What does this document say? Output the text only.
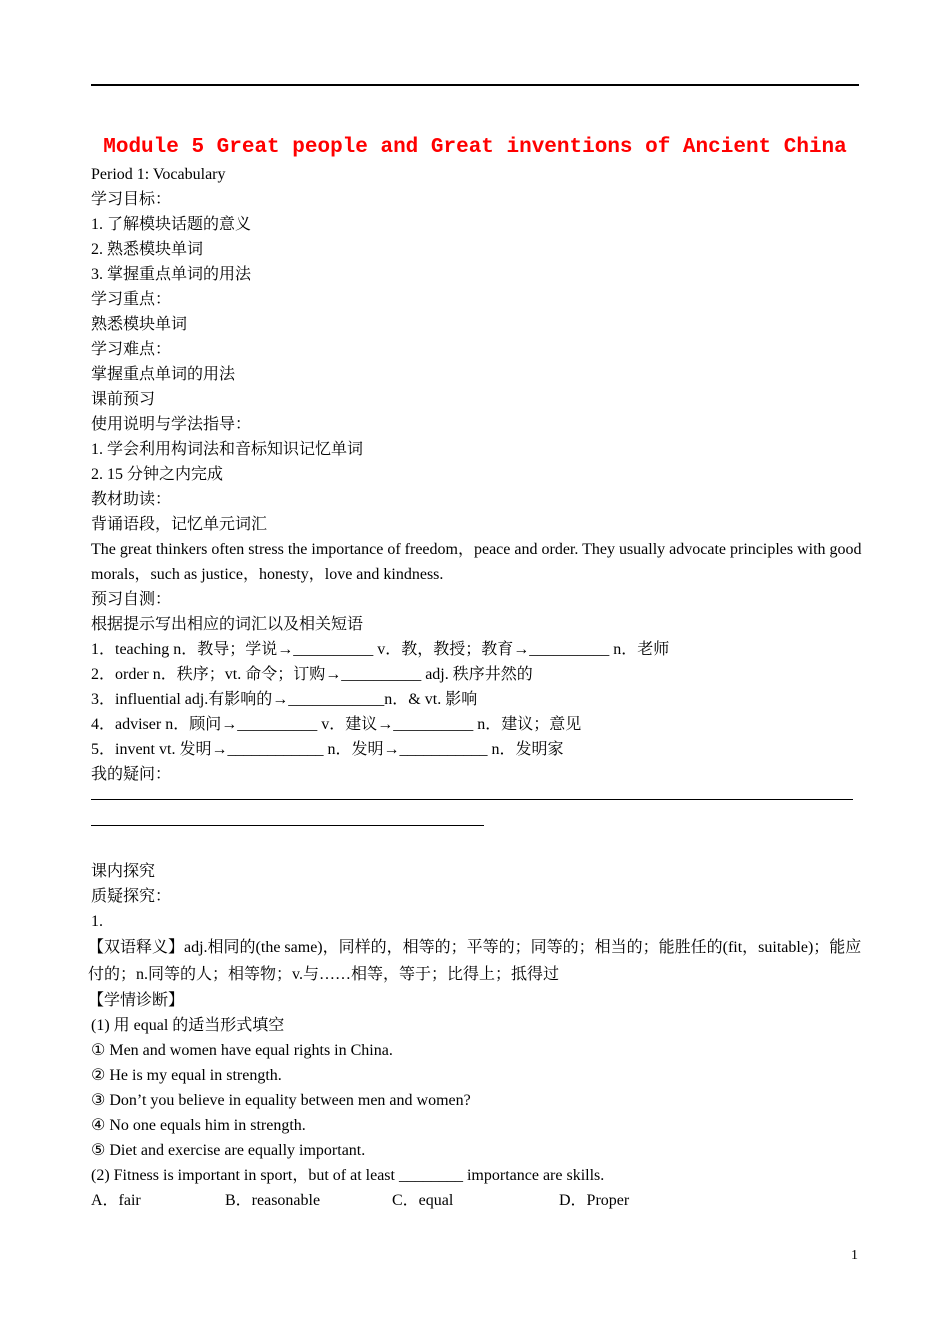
Module 5 Great people and Great inventions of Ancient China
Period 1: Vocabulary
学习目标：
1. 了解模块话题的意义
2. 熟悉模块单词
3. 掌握重点单词的用法
学习重点：
熟悉模块单词
学习难点：
掌握重点单词的用法
课前预习
使用说明与学法指导：
1. 学会利用构词法和音标知识记忆单词
2. 15 分钟之内完成
教材助读：
背诵语段，记忆单元词汇
The great thinkers often stress the importance of freedom，peace and order. They usually advocate principles with good morals，such as justice，honesty，love and kindness.
预习自测：
根据提示写出相应的词汇以及相关短语
1．teaching n．教导；学说→__________ v．教，教授；教育→__________ n．老师
2．order n．秩序；vt. 命令；订购→__________ adj. 秩序井然的
3．influential adj.有影响的→____________n．& vt. 影响
4．adviser n．顾问→__________ v．建议→__________ n．建议；意见
5．invent vt. 发明→____________ n．发明→___________ n．发明家
我的疑问：
课内探究
质疑探究：
1.
【双语释义】adj.相同的(the same)，同样的，相等的；平等的；同等的；相当的；能胜任的(fit，suitable)；能应付的；n.同等的人；相等物；v.与……相等，等于；比得上；抵得过
【学情诊断】
(1) 用 equal 的适当形式填空
① Men and women have equal rights in China.
② He is my equal in strength.
③ Don’t you believe in equality between men and women?
④ No one equals him in strength.
⑤ Diet and exercise are equally important.
(2) Fitness is important in sport，but of at least ________ importance are skills.
A．fair	B．reasonable	C．equal	D．Proper
1
